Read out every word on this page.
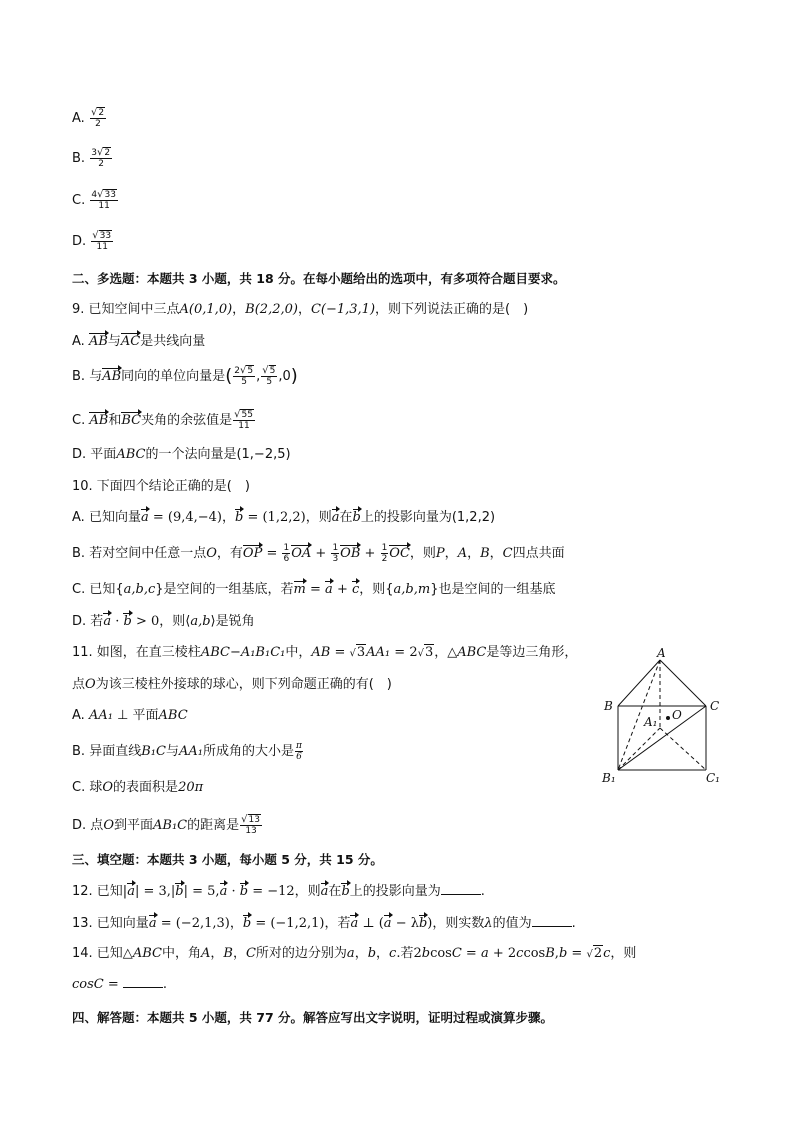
A. $\frac{√2}{2}$
B. $\frac{3√2}{2}$
C. $\frac{4√33}{11}$
D. $\frac{√33}{11}$
二、多选题：本题共 3 小题，共 18 分。在每小题给出的选项中，有多项符合题目要求。
9. 已知空间中三点A(0,1,0)，B(2,2,0)，C(−1,3,1)，则下列说法正确的是(　)
A. AB与AC是共线向量
B. 与AB同向的单位向量是( $\frac{2√5}{5}$ , $\frac{√5}{5} ,0$)
C. AB和BC夹角的余弦值是 $\frac{√55}{11}$
D. 平面ABC的一个法向量是(1,−2,5)
10. 下面四个结论正确的是(　)
A. 已知向量a = (9,4,−4)，b = (1,2,2)，则a在b上的投影向量为(1,2,2)
B. 若对空间中任意一点O，有OP = $\frac{1}{6}$ OA + $\frac{1}{3}$ OB + $\frac{1}{2}$ OC，则P，A，B，C四点共面
C. 已知{a,b,c}是空间的一组基底，若m = a + c，则{a,b,m}也是空间的一组基底
D. 若a · b > 0，则⟨a,b⟩是锐角
11. 如图，在直三棱柱ABC−A₁B₁C₁中，AB = √3AA₁ = 2√3，△ABC是等边三角形，
点O为该三棱柱外接球的球心，则下列命题正确的有(　)
A. AA₁ ⊥ 平面ABC
B. 异面直线B₁C与AA₁所成角的大小是 $\frac{\pi}{6}$
C. 球O的表面积是20π
D. 点O到平面AB₁C的距离是 $\frac{√13}{13}$
A
B	C
A₁ O
B₁	C₁
三、填空题：本题共 3 小题，每小题 5 分，共 15 分。
12. 已知|a| = 3,|b| = 5,a · b = −12，则a在b上的投影向量为	.
13. 已知向量a = (−2,1,3)，b = (−1,2,1)，若a ⊥ (a − λb)，则实数λ的值为	.
14. 已知△ABC中，角A，B，C所对的边分别为a，b，c.若2bcosC = a + 2ccosB,b = √2c，则
cosC =	.
四、解答题：本题共 5 小题，共 77 分。解答应写出文字说明，证明过程或演算步骤。
